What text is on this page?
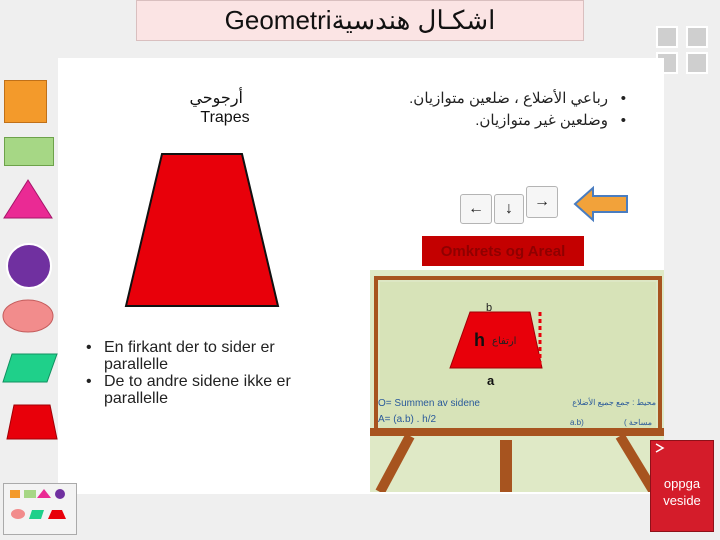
اشكـال هندسية
Geometri
أرجوحي
Trapes
• En firkant der to sider er parallelle
• De to andre sidene ikke er parallelle
• رباعي الأضلاع ، ضلعين متوازيان.
• وضلعين غير متوازيان.
← ↓ →
Omkrets og Areal
b
h ارتفاع
a
O= Summen av sidene
A= (a.b) . h/2
محيط : جمع جميع الأضلاع
a.b)	مساحة )
oppga veside
